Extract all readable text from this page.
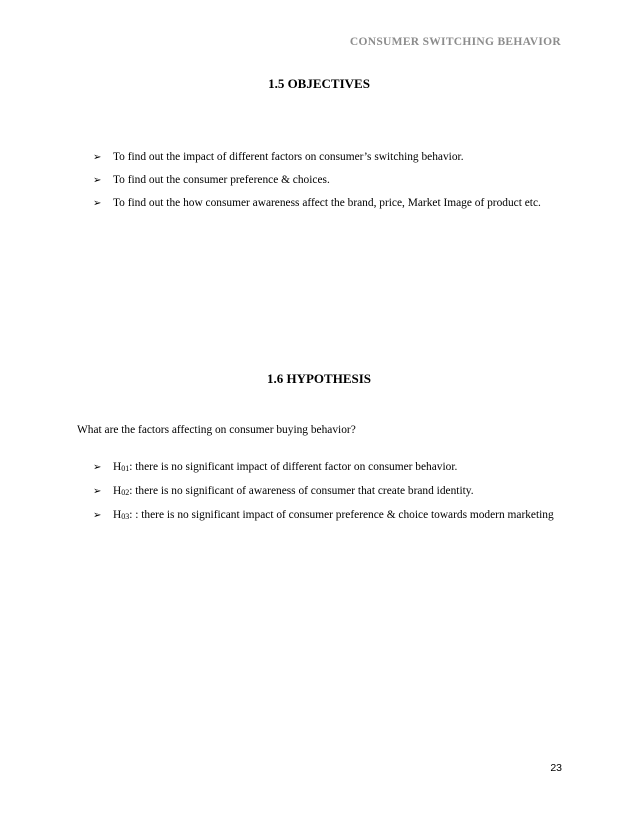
CONSUMER SWITCHING BEHAVIOR
1.5 OBJECTIVES
➢ To find out the impact of different factors on consumer’s switching behavior.
➢ To find out the consumer preference & choices.
➢ To find out the how consumer awareness affect the brand, price, Market Image of product etc.
1.6 HYPOTHESIS
What are the factors affecting on consumer buying behavior?
➢ $H_{01}$: there is no significant impact of different factor on consumer behavior.
➢ $H_{02}$: there is no significant of awareness of consumer that create brand identity.
➢ $H_{03}$: : there is no significant impact of consumer preference & choice towards modern marketing
23
